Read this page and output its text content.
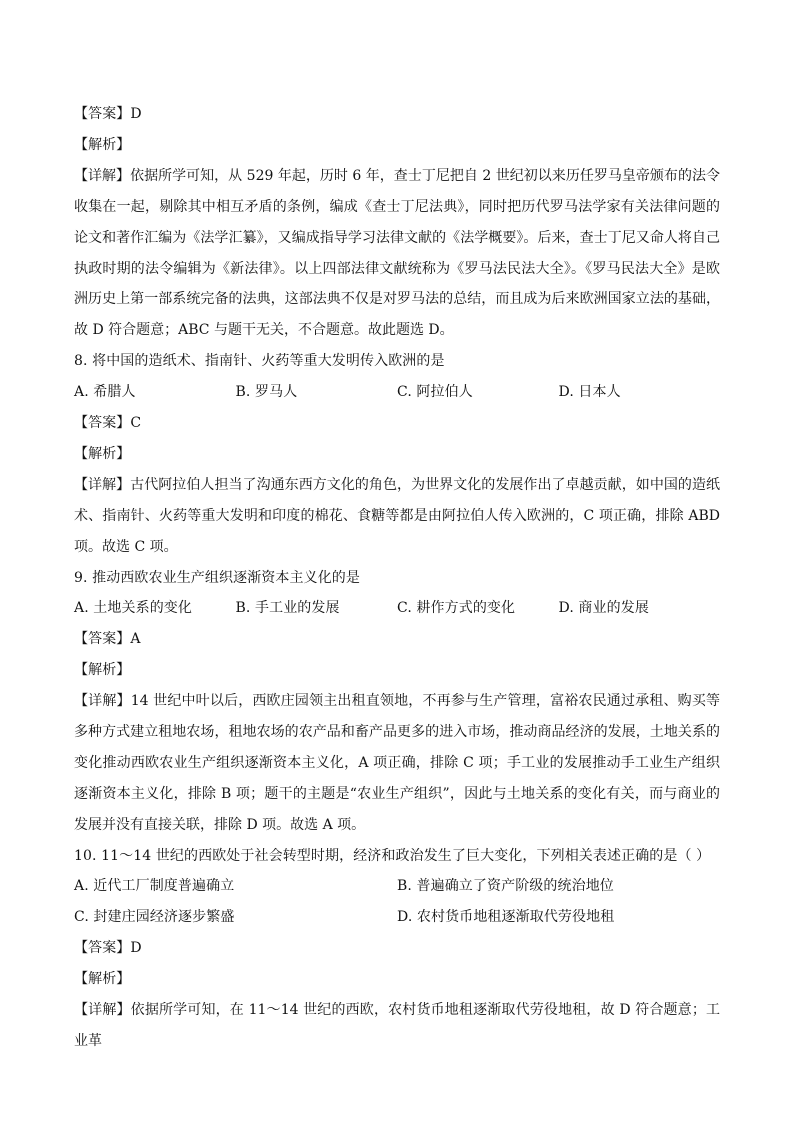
【答案】D
【解析】
【详解】依据所学可知，从 529 年起，历时 6 年，查士丁尼把自 2 世纪初以来历任罗马皇帝颁布的法令收集在一起，剔除其中相互矛盾的条例，编成《查士丁尼法典》，同时把历代罗马法学家有关法律问题的论文和著作汇编为《法学汇纂》，又编成指导学习法律文献的《法学概要》。后来，查士丁尼又命人将自己执政时期的法令编辑为《新法律》。以上四部法律文献统称为《罗马法民法大全》。《罗马民法大全》是欧洲历史上第一部系统完备的法典，这部法典不仅是对罗马法的总结，而且成为后来欧洲国家立法的基础，故 D 符合题意；ABC 与题干无关，不合题意。故此题选 D。
8. 将中国的造纸术、指南针、火药等重大发明传入欧洲的是
A. 希腊人	B. 罗马人	C. 阿拉伯人	D. 日本人
【答案】C
【解析】
【详解】古代阿拉伯人担当了沟通东西方文化的角色，为世界文化的发展作出了卓越贡献，如中国的造纸术、指南针、火药等重大发明和印度的棉花、食糖等都是由阿拉伯人传入欧洲的，C 项正确，排除 ABD 项。故选 C 项。
9. 推动西欧农业生产组织逐渐资本主义化的是
A. 土地关系的变化	B. 手工业的发展	C. 耕作方式的变化	D. 商业的发展
【答案】A
【解析】
【详解】14 世纪中叶以后，西欧庄园领主出租直领地，不再参与生产管理，富裕农民通过承租、购买等多种方式建立租地农场，租地农场的农产品和畜产品更多的进入市场，推动商品经济的发展，土地关系的变化推动西欧农业生产组织逐渐资本主义化，A 项正确，排除 C 项；手工业的发展推动手工业生产组织逐渐资本主义化，排除 B 项；题干的主题是“农业生产组织”，因此与土地关系的变化有关，而与商业的发展并没有直接关联，排除 D 项。故选 A 项。
10. 11～14 世纪的西欧处于社会转型时期，经济和政治发生了巨大变化，下列相关表述正确的是（ ）
A. 近代工厂制度普遍确立	B. 普遍确立了资产阶级的统治地位
C. 封建庄园经济逐步繁盛	D. 农村货币地租逐渐取代劳役地租
【答案】D
【解析】
【详解】依据所学可知，在 11～14 世纪的西欧，农村货币地租逐渐取代劳役地租，故 D 符合题意；工业革
